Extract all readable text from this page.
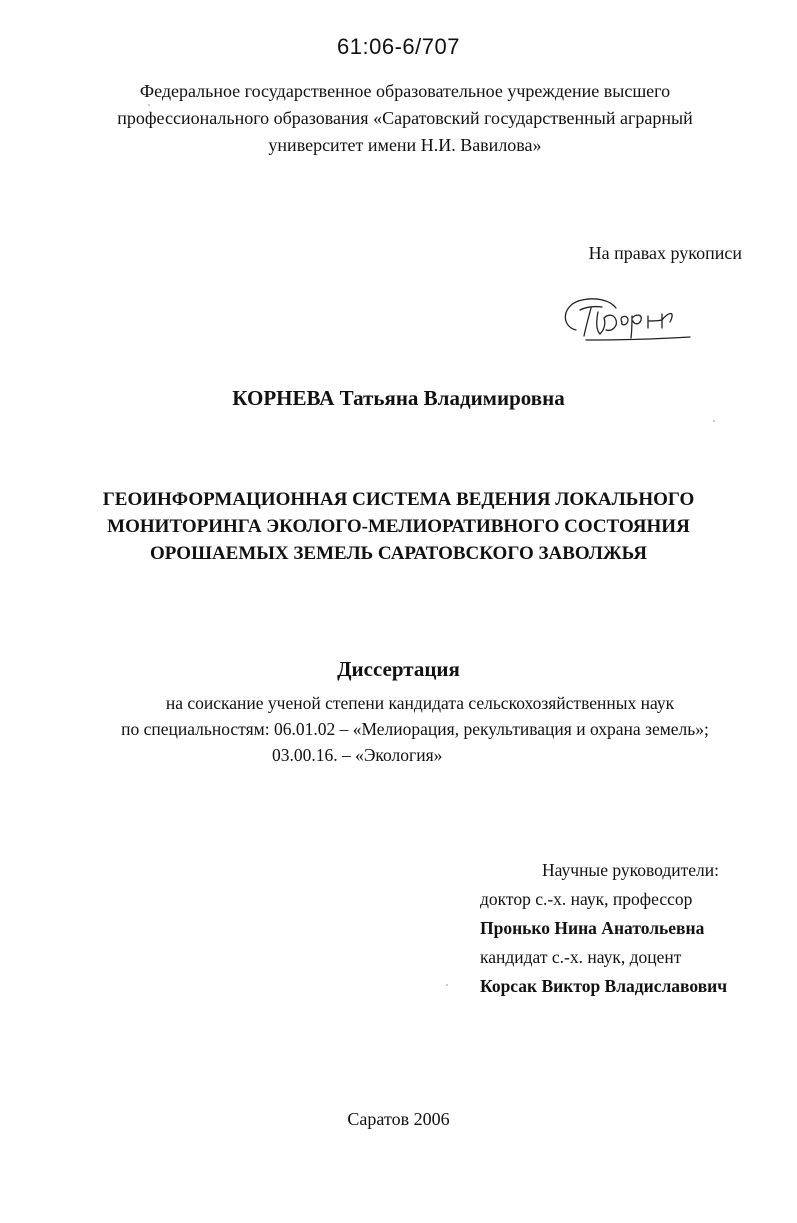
61:06-6/707
Федеральное государственное образовательное учреждение высшего
профессионального образования «Саратовский государственный аграрный
университет имени Н.И. Вавилова»
На правах рукописи
КОРНЕВА Татьяна Владимировна
ГЕОИНФОРМАЦИОННАЯ СИСТЕМА ВЕДЕНИЯ ЛОКАЛЬНОГО
МОНИТОРИНГА ЭКОЛОГО-МЕЛИОРАТИВНОГО СОСТОЯНИЯ
ОРОШАЕМЫХ ЗЕМЕЛЬ САРАТОВСКОГО ЗАВОЛЖЬЯ
Диссертация
на соискание ученой степени кандидата сельскохозяйственных наук
по специальностям: 06.01.02 – «Мелиорация, рекультивация и охрана земель»;
03.00.16. – «Экология»
Научные руководители:
доктор с.-х. наук, профессор
Пронько Нина Анатольевна
кандидат с.-х. наук, доцент
Корсак Виктор Владиславович
Саратов 2006
